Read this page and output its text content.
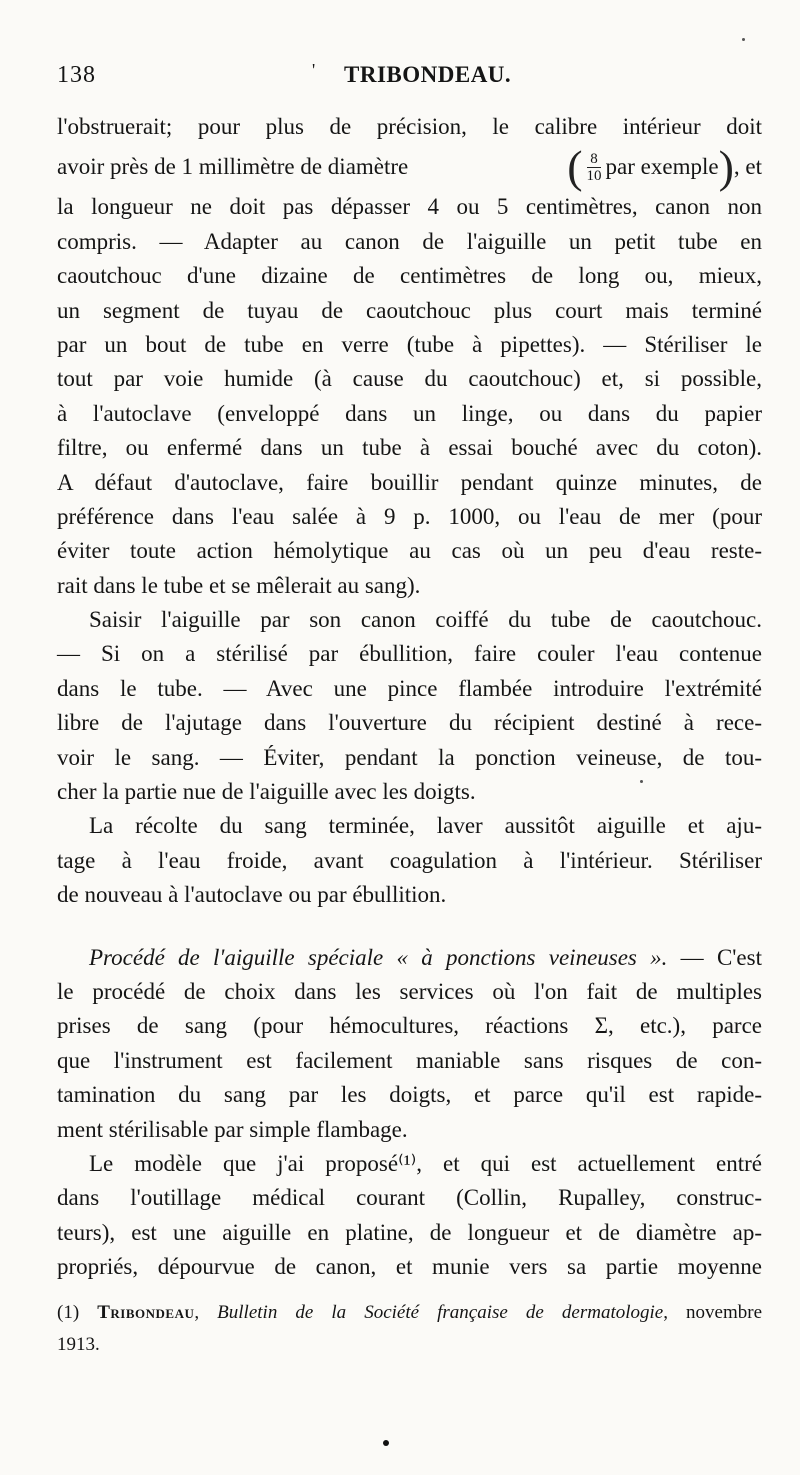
138	' TRIBONDEAU.
l'obstruerait; pour plus de précision, le calibre intérieur doit
avoir près de 1 millimètre de diamètre	( $\frac{8}{10}$ par exemple ) , et
la longueur ne doit pas dépasser 4 ou 5 centimètres, canon non
compris. — Adapter au canon de l'aiguille un petit tube en
caoutchouc d'une dizaine de centimètres de long ou, mieux,
un segment de tuyau de caoutchouc plus court mais terminé
par un bout de tube en verre (tube à pipettes). — Stériliser le
tout par voie humide (à cause du caoutchouc) et, si possible,
à l'autoclave (enveloppé dans un linge, ou dans du papier
filtre, ou enfermé dans un tube à essai bouché avec du coton).
A défaut d'autoclave, faire bouillir pendant quinze minutes, de
préférence dans l'eau salée à 9 p. 1000, ou l'eau de mer (pour
éviter toute action hémolytique au cas où un peu d'eau reste-
rait dans le tube et se mêlerait au sang).
Saisir l'aiguille par son canon coiffé du tube de caoutchouc.
— Si on a stérilisé par ébullition, faire couler l'eau contenue
dans le tube. — Avec une pince flambée introduire l'extrémité
libre de l'ajutage dans l'ouverture du récipient destiné à rece-
voir le sang. — Éviter, pendant la ponction veineuse, de tou-
cher la partie nue de l'aiguille avec les doigts.
La récolte du sang terminée, laver aussitôt aiguille et aju-
tage à l'eau froide, avant coagulation à l'intérieur. Stériliser
de nouveau à l'autoclave ou par ébullition.
Procédé de l'aiguille spéciale « à ponctions veineuses ». — C'est
le procédé de choix dans les services où l'on fait de multiples
prises de sang (pour hémocultures, réactions Σ, etc.), parce
que l'instrument est facilement maniable sans risques de con-
tamination du sang par les doigts, et parce qu'il est rapide-
ment stérilisable par simple flambage.
Le modèle que j'ai proposé⁽¹⁾, et qui est actuellement entré
dans l'outillage médical courant (Collin, Rupalley, construc-
teurs), est une aiguille en platine, de longueur et de diamètre ap-
propriés, dépourvue de canon, et munie vers sa partie moyenne
(1) Tribondeau, Bulletin de la Société française de dermatologie, novembre
1913.
